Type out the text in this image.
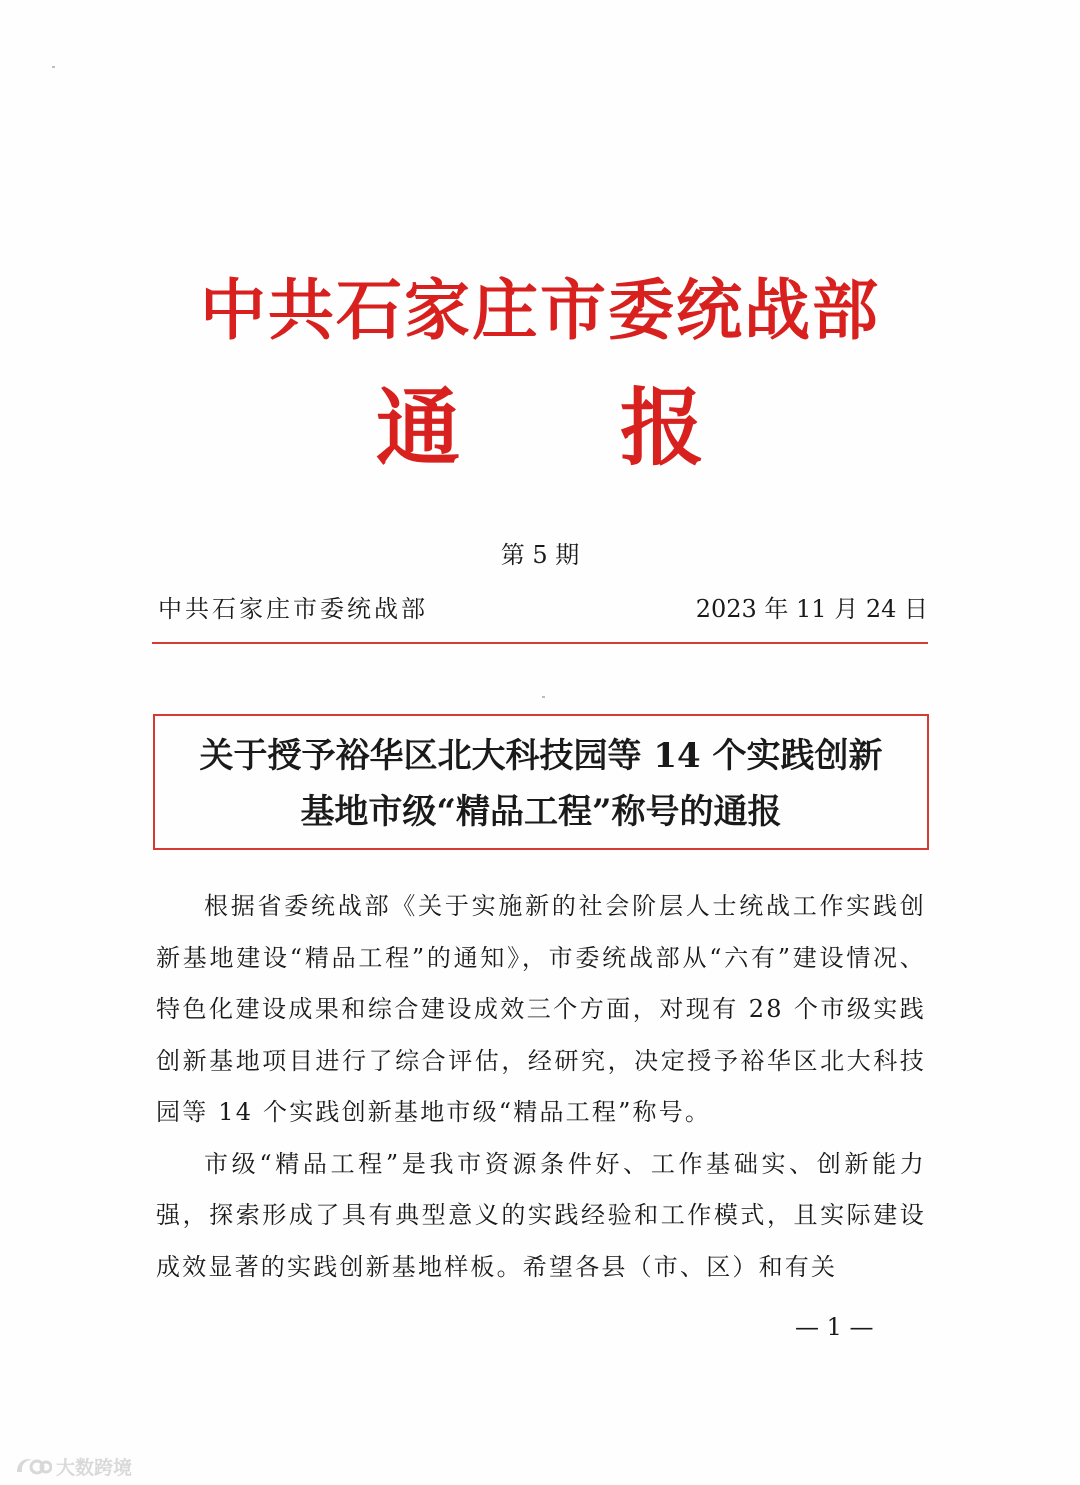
中共石家庄市委统战部
通报
第 5 期
中共石家庄市委统战部	2023 年 11 月 24 日
关于授予裕华区北大科技园等 14 个实践创新
基地市级“精品工程”称号的通报

根据省委统战部《关于实施新的社会阶层人士统战工作实践创新基地建设“精品工程”的通知》，市委统战部从“六有”建设情况、特色化建设成果和综合建设成效三个方面，对现有 28 个市级实践创新基地项目进行了综合评估，经研究，决定授予裕华区北大科技园等 14 个实践创新基地市级“精品工程”称号。

市级“精品工程”是我市资源条件好、工作基础实、创新能力强，探索形成了具有典型意义的实践经验和工作模式，且实际建设成效显著的实践创新基地样板。希望各县（市、区）和有关

— 1 —
大数跨境
